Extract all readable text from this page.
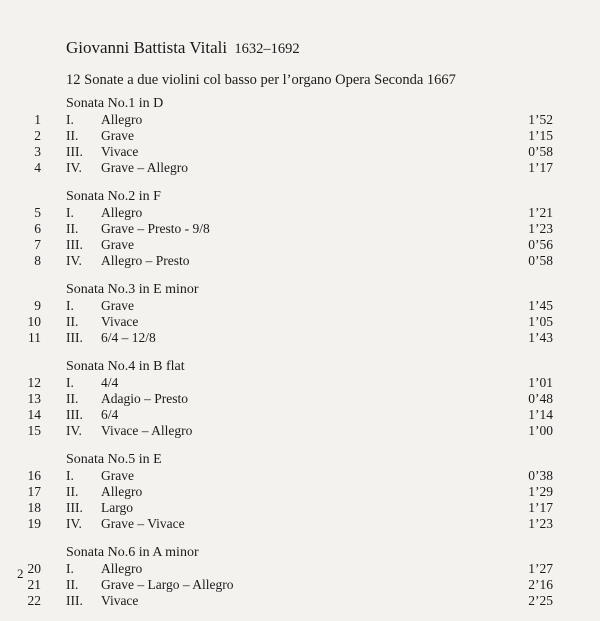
Giovanni Battista Vitali 1632–1692
12 Sonate a due violini col basso per l’organo Opera Seconda 1667
Sonata No.1 in D
1 I. Allegro	1’52
2 II. Grave	1’15
3 III. Vivace	0’58
4 IV. Grave – Allegro	1’17
Sonata No.2 in F
5 I. Allegro	1’21
6 II. Grave – Presto - 9/8	1’23
7 III. Grave	0’56
8 IV. Allegro – Presto	0’58
Sonata No.3 in E minor
9 I. Grave	1’45
10 II. Vivace	1’05
11 III. 6/4 – 12/8	1’43
Sonata No.4 in B flat
12 I. 4/4	1’01
13 II. Adagio – Presto	0’48
14 III. 6/4	1’14
15 IV. Vivace – Allegro	1’00
Sonata No.5 in E
16 I. Grave	0’38
17 II. Allegro	1’29
18 III. Largo	1’17
19 IV. Grave – Vivace	1’23
Sonata No.6 in A minor
20 I. Allegro	1’27
21 II. Grave – Largo – Allegro	2’16
22 III. Vivace	2’25
2
